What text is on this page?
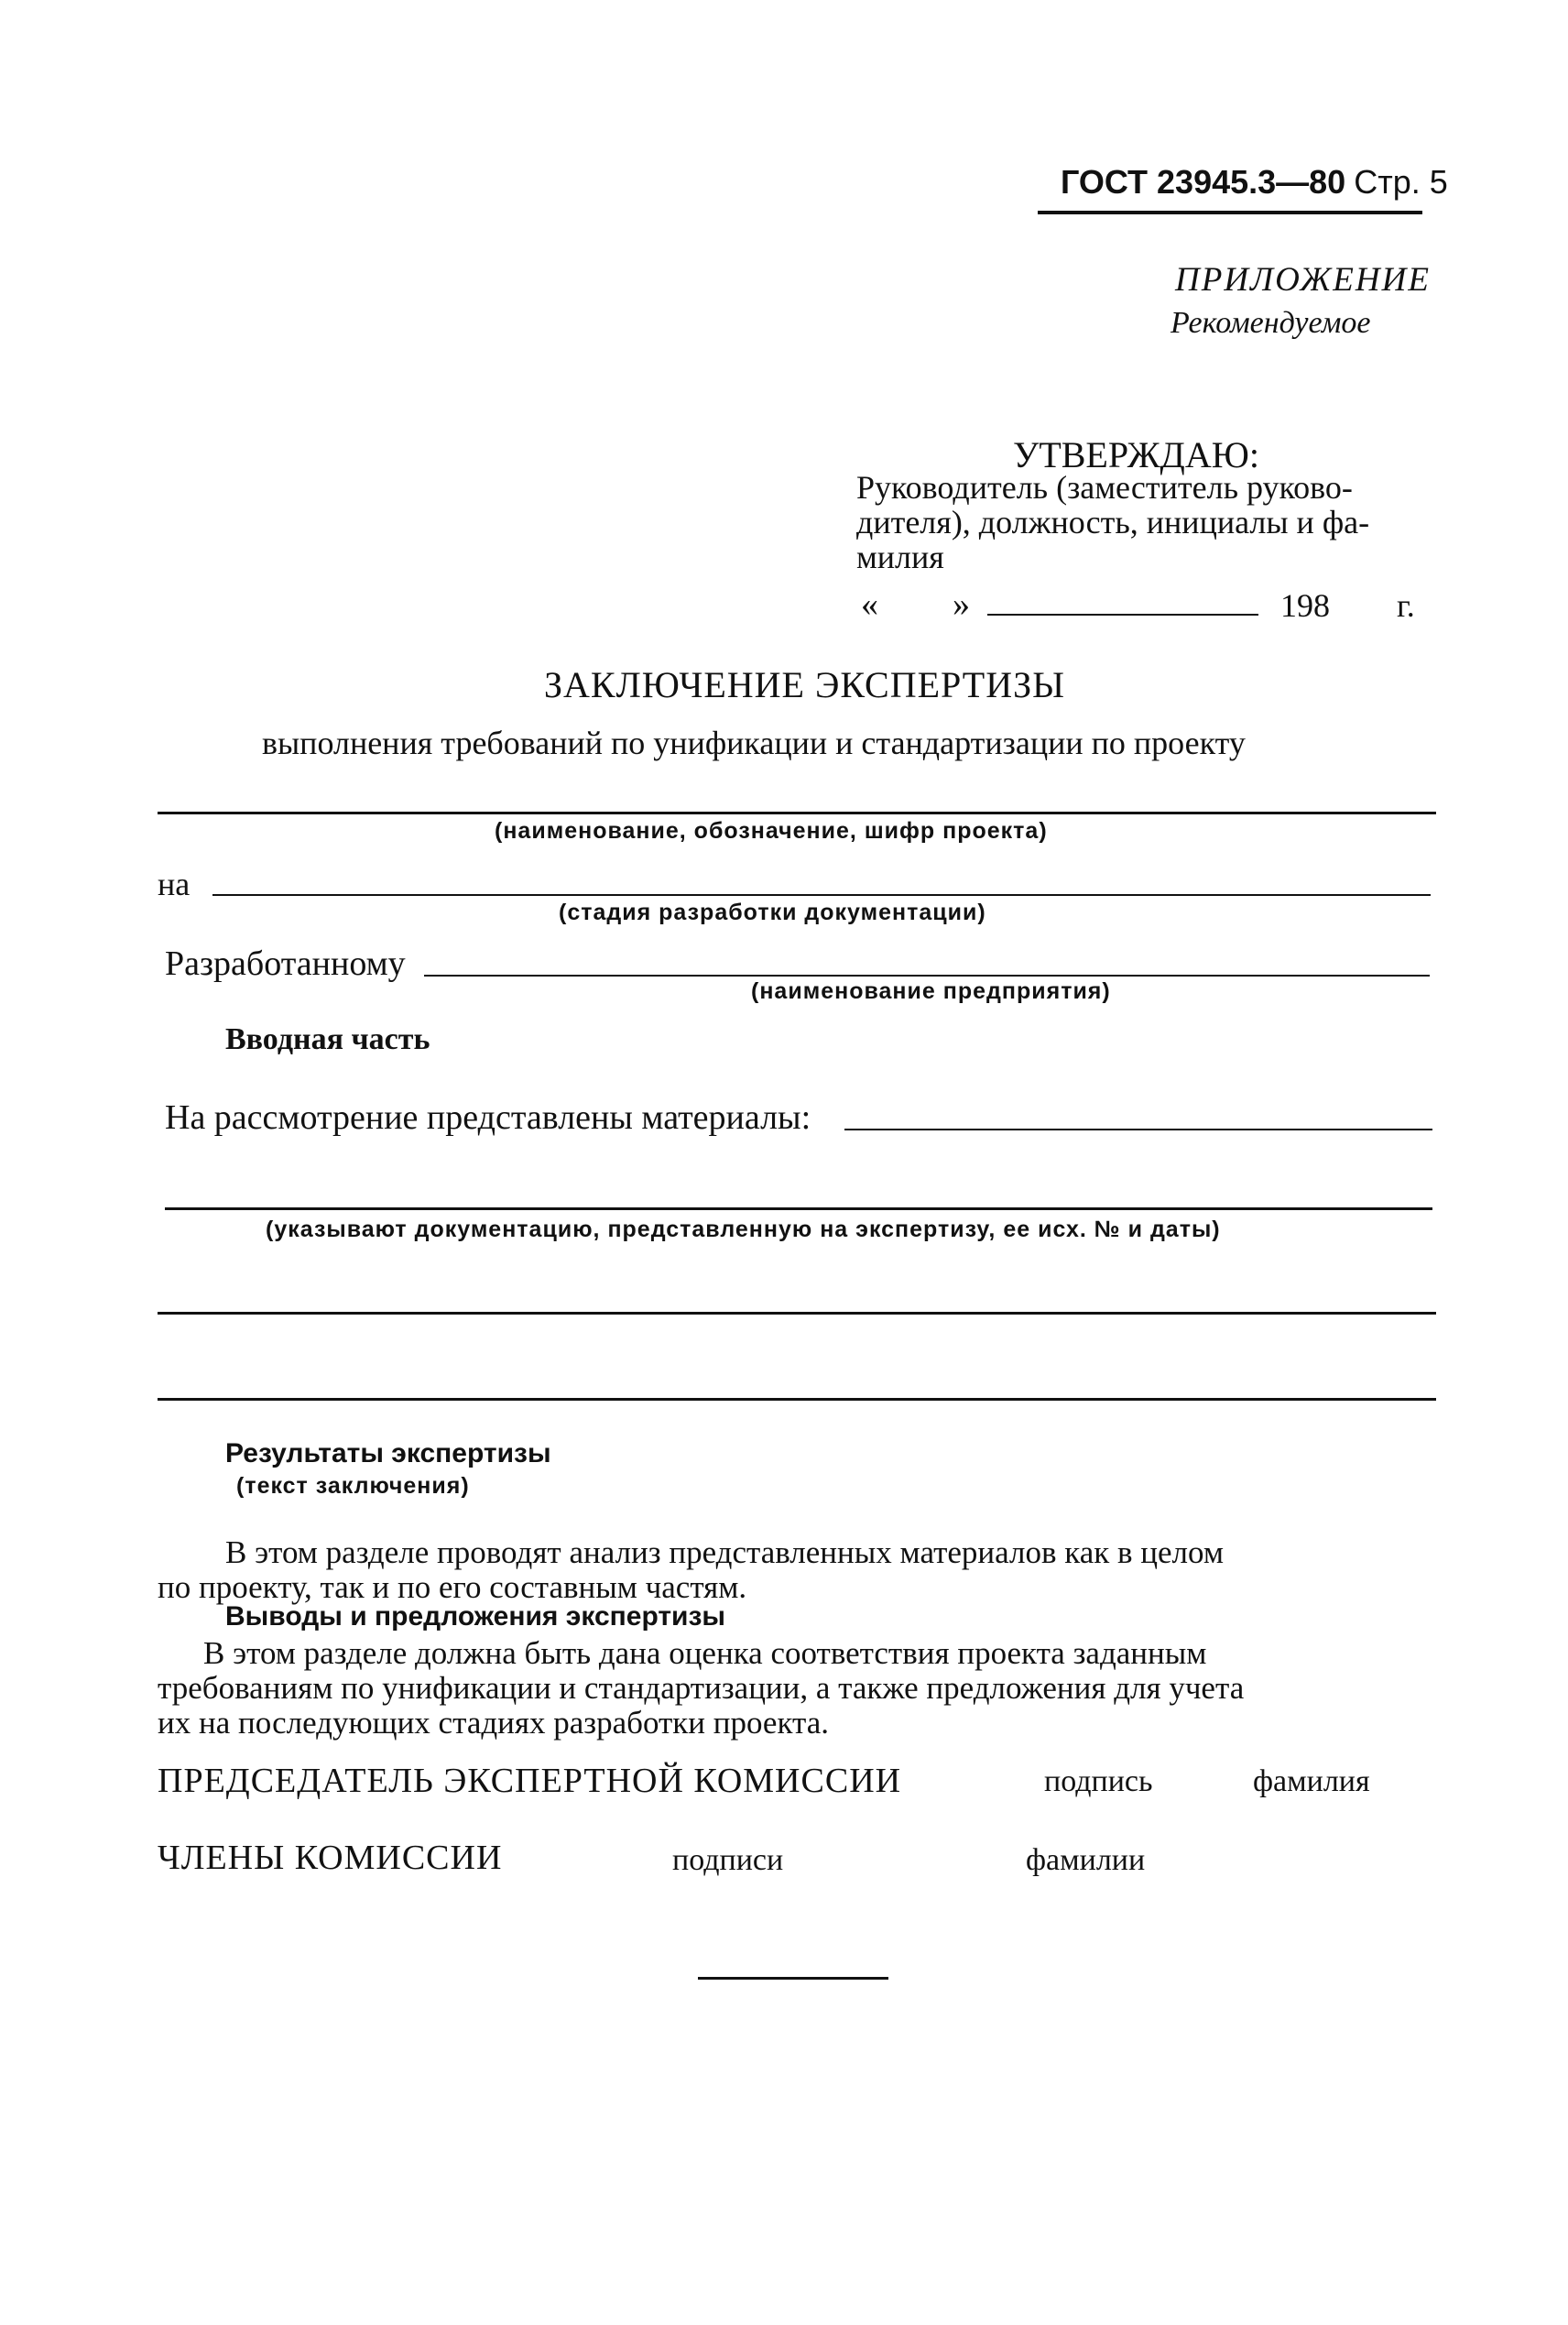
ГОСТ 23945.3—80 Стр. 5
ПРИЛОЖЕНИЕ
Рекомендуемое
УТВЕРЖДАЮ:
Руководитель (заместитель руково-
дителя), должность, инициалы и фа-
милия
« »	198 г.
ЗАКЛЮЧЕНИЕ ЭКСПЕРТИЗЫ
выполнения требований по унификации и стандартизации по проекту
(наименование, обозначение, шифр проекта)
на
(стадия разработки документации)
Разработанному
(наименование предприятия)
Вводная часть
На рассмотрение представлены материалы:
(указывают документацию, представленную на экспертизу, ее исх. № и даты)
Результаты экспертизы
(текст заключения)
В этом разделе проводят анализ представленных материалов как в целом
по проекту, так и по его составным частям.
Выводы и предложения экспертизы
В этом разделе должна быть дана оценка соответствия проекта заданным
требованиям по унификации и стандартизации, а также предложения для учета
их на последующих стадиях разработки проекта.
ПРЕДСЕДАТЕЛЬ ЭКСПЕРТНОЙ КОМИССИИ	подпись	фамилия
ЧЛЕНЫ КОМИССИИ	подписи	фамилии
